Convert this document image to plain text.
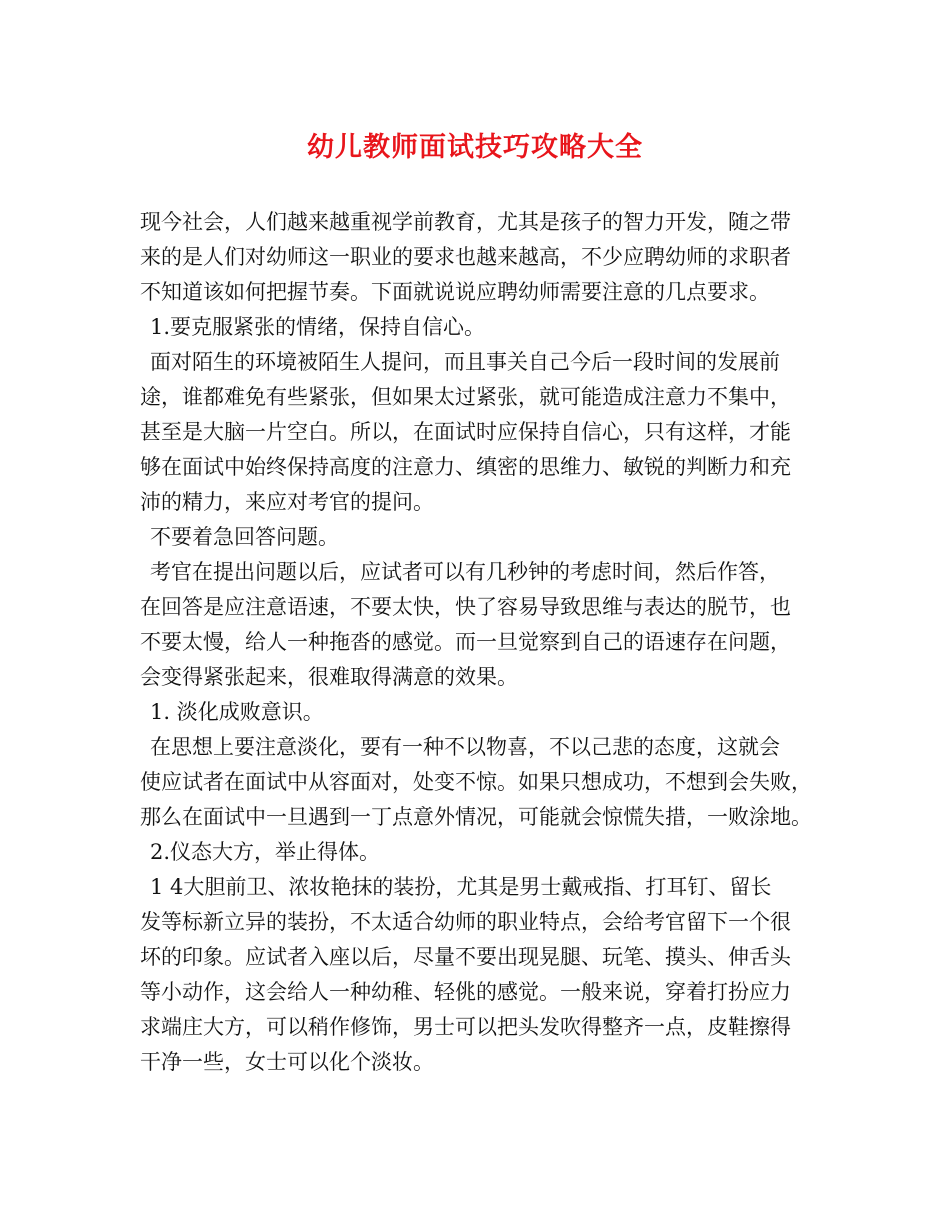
幼儿教师面试技巧攻略大全
现今社会，人们越来越重视学前教育，尤其是孩子的智力开发，随之带
来的是人们对幼师这一职业的要求也越来越高，不少应聘幼师的求职者
不知道该如何把握节奏。下面就说说应聘幼师需要注意的几点要求。
1.要克服紧张的情绪，保持自信心。
面对陌生的环境被陌生人提问，而且事关自己今后一段时间的发展前
途，谁都难免有些紧张，但如果太过紧张，就可能造成注意力不集中，
甚至是大脑一片空白。所以，在面试时应保持自信心，只有这样，才能
够在面试中始终保持高度的注意力、缜密的思维力、敏锐的判断力和充
沛的精力，来应对考官的提问。
不要着急回答问题。
考官在提出问题以后，应试者可以有几秒钟的考虑时间，然后作答，
在回答是应注意语速，不要太快，快了容易导致思维与表达的脱节，也
不要太慢，给人一种拖沓的感觉。而一旦觉察到自己的语速存在问题，
会变得紧张起来，很难取得满意的效果。
1. 淡化成败意识。
在思想上要注意淡化，要有一种不以物喜，不以己悲的态度，这就会
使应试者在面试中从容面对，处变不惊。如果只想成功，不想到会失败，
那么在面试中一旦遇到一丁点意外情况，可能就会惊慌失措，一败涂地。
2.仪态大方，举止得体。
1 4大胆前卫、浓妆艳抹的装扮，尤其是男士戴戒指、打耳钉、留长
发等标新立异的装扮，不太适合幼师的职业特点，会给考官留下一个很
坏的印象。应试者入座以后，尽量不要出现晃腿、玩笔、摸头、伸舌头
等小动作，这会给人一种幼稚、轻佻的感觉。一般来说，穿着打扮应力
求端庄大方，可以稍作修饰，男士可以把头发吹得整齐一点，皮鞋擦得
干净一些，女士可以化个淡妆。
